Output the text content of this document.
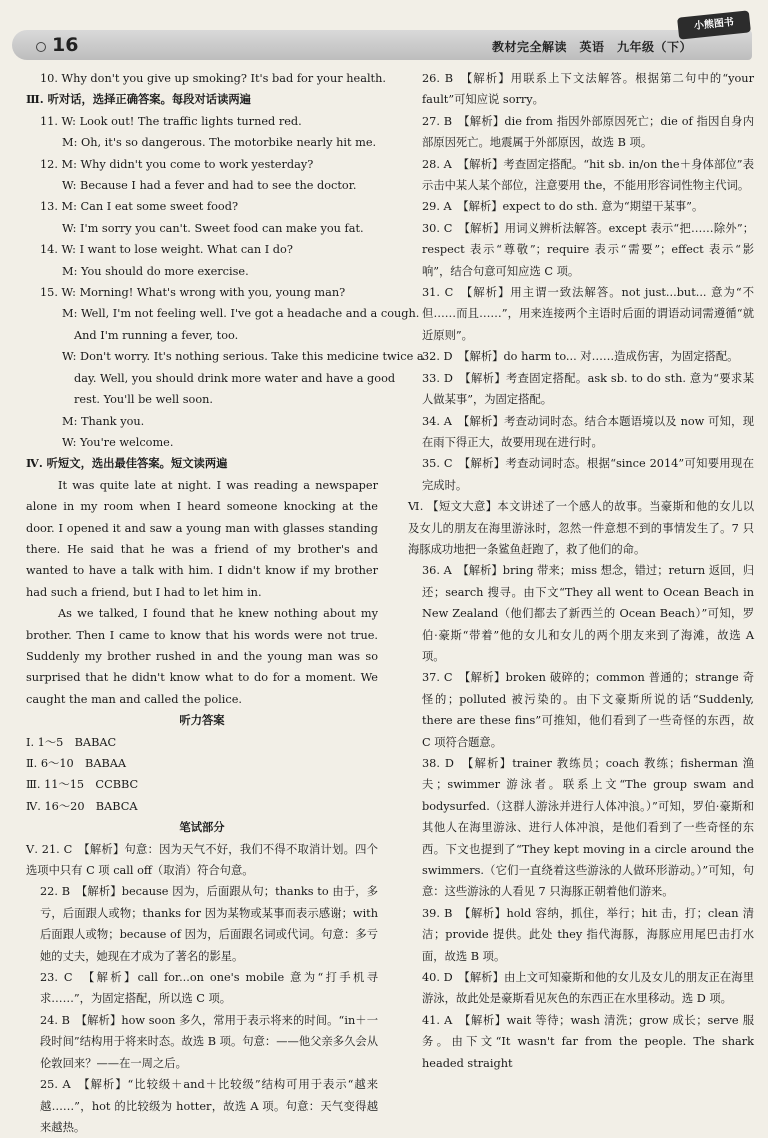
16	教材完全解读　英语　九年级（下）
小熊图书
10. Why don't you give up smoking? It's bad for your health.
Ⅲ. 听对话，选择正确答案。每段对话读两遍
11. W: Look out! The traffic lights turned red.
M: Oh, it's so dangerous. The motorbike nearly hit me.
12. M: Why didn't you come to work yesterday?
W: Because I had a fever and had to see the doctor.
13. M: Can I eat some sweet food?
W: I'm sorry you can't. Sweet food can make you fat.
14. W: I want to lose weight. What can I do?
M: You should do more exercise.
15. W: Morning! What's wrong with you, young man?
M: Well, I'm not feeling well. I've got a headache and a cough.
And I'm running a fever, too.
W: Don't worry. It's nothing serious. Take this medicine twice a
day. Well, you should drink more water and have a good
rest. You'll be well soon.
M: Thank you.
W: You're welcome.
Ⅳ. 听短文，选出最佳答案。短文读两遍
It was quite late at night. I was reading a newspaper alone in my room when I heard someone knocking at the door. I opened it and saw a young man with glasses standing there. He said that he was a friend of my brother's and wanted to have a talk with him. I didn't know if my brother had such a friend, but I had to let him in.
As we talked, I found that he knew nothing about my brother. Then I came to know that his words were not true. Suddenly my brother rushed in and the young man was so surprised that he didn't know what to do for a moment. We caught the man and called the police.
听力答案
Ⅰ. 1～5　BABAC
Ⅱ. 6～10　BABAA
Ⅲ. 11～15　CCBBC
Ⅳ. 16～20　BABCA
笔试部分
Ⅴ. 21. C　【解析】句意：因为天气不好，我们不得不取消计划。四个选项中只有 C 项 call off（取消）符合句意。
22. B　【解析】because 因为，后面跟从句；thanks to 由于，多亏，后面跟人或物；thanks for 因为某物或某事而表示感谢；with 后面跟人或物；because of 因为，后面跟名词或代词。句意：多亏她的丈夫，她现在才成为了著名的影星。
23. C　【解析】call for...on one's mobile 意为“打手机寻求……”，为固定搭配，所以选 C 项。
24. B　【解析】how soon 多久，常用于表示将来的时间。“in＋一段时间”结构用于将来时态。故选 B 项。句意：——他父亲多久会从伦敦回来？——在一周之后。
25. A　【解析】“比较级＋and＋比较级”结构可用于表示“越来越……”，hot 的比较级为 hotter，故选 A 项。句意：天气变得越来越热。
26. B　【解析】用联系上下文法解答。根据第二句中的“your fault”可知应说 sorry。
27. B　【解析】die from 指因外部原因死亡；die of 指因自身内部原因死亡。地震属于外部原因，故选 B 项。
28. A　【解析】考查固定搭配。“hit sb. in/on the＋身体部位”表示击中某人某个部位，注意要用 the，不能用形容词性物主代词。
29. A　【解析】expect to do sth. 意为“期望干某事”。
30. C　【解析】用词义辨析法解答。except 表示“把……除外”；respect 表示“尊敬”；require 表示“需要”；effect 表示“影响”，结合句意可知应选 C 项。
31. C　【解析】用主谓一致法解答。not just...but... 意为“不但……而且……”，用来连接两个主语时后面的谓语动词需遵循“就近原则”。
32. D　【解析】do harm to... 对……造成伤害，为固定搭配。
33. D　【解析】考查固定搭配。ask sb. to do sth. 意为“要求某人做某事”，为固定搭配。
34. A　【解析】考查动词时态。结合本题语境以及 now 可知，现在雨下得正大，故要用现在进行时。
35. C　【解析】考查动词时态。根据“since 2014”可知要用现在完成时。
Ⅵ. 【短文大意】本文讲述了一个感人的故事。当豪斯和他的女儿以及女儿的朋友在海里游泳时，忽然一件意想不到的事情发生了。7 只海豚成功地把一条鲨鱼赶跑了，救了他们的命。
36. A　【解析】bring 带来；miss 想念，错过；return 返回，归还；search 搜寻。由下文“They all went to Ocean Beach in New Zealand（他们都去了新西兰的 Ocean Beach）”可知，罗伯·豪斯“带着”他的女儿和女儿的两个朋友来到了海滩，故选 A 项。
37. C　【解析】broken 破碎的；common 普通的；strange 奇怪的；polluted 被污染的。由下文豪斯所说的话“Suddenly, there are these fins”可推知，他们看到了一些奇怪的东西，故 C 项符合题意。
38. D　【解析】trainer 教练员；coach 教练；fisherman 渔夫；swimmer 游泳者。联系上文“The group swam and bodysurfed.（这群人游泳并进行人体冲浪。）”可知，罗伯·豪斯和其他人在海里游泳、进行人体冲浪，是他们看到了一些奇怪的东西。下文也提到了“They kept moving in a circle around the swimmers.（它们一直绕着这些游泳的人做环形游动。）”可知，句意：这些游泳的人看见 7 只海豚正朝着他们游来。
39. B　【解析】hold 容纳，抓住，举行；hit 击，打；clean 清洁；provide 提供。此处 they 指代海豚，海豚应用尾巴击打水面，故选 B 项。
40. D　【解析】由上文可知豪斯和他的女儿及女儿的朋友正在海里游泳，故此处是豪斯看见灰色的东西正在水里移动。选 D 项。
41. A　【解析】wait 等待；wash 清洗；grow 成长；serve 服务。由下文“It wasn't far from the people. The shark headed straight
